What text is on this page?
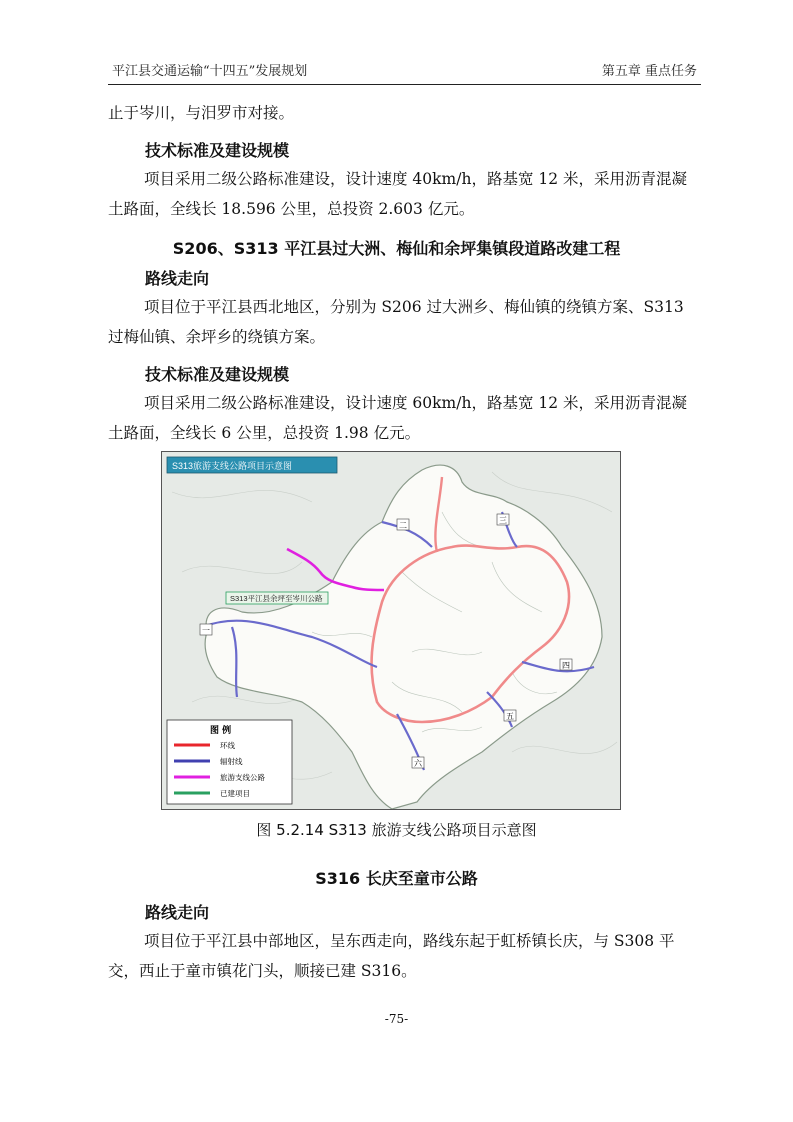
平江县交通运输“十四五”发展规划	第五章 重点任务

止于岑川，与汨罗市对接。

技术标准及建设规模

项目采用二级公路标准建设，设计速度 40km/h，路基宽 12 米，采用沥青混凝土路面，全线长 18.596 公里，总投资 2.603 亿元。

S206、S313 平江县过大洲、梅仙和余坪集镇段道路改建工程

路线走向

项目位于平江县西北地区，分别为 S206 过大洲乡、梅仙镇的绕镇方案、S313 过梅仙镇、余坪乡的绕镇方案。

技术标准及建设规模

项目采用二级公路标准建设，设计速度 60km/h，路基宽 12 米，采用沥青混凝土路面，全线长 6 公里，总投资 1.98 亿元。

S313旅游支线公路项目示意图
S313平江县余坪至岑川公路
一
二
三
四
五
六
图 例
环线
辐射线
旅游支线公路
已建项目
图 5.2.14 S313 旅游支线公路项目示意图

S316 长庆至童市公路

路线走向

项目位于平江县中部地区，呈东西走向，路线东起于虹桥镇长庆，与 S308 平交，西止于童市镇花门头，顺接已建 S316。

-75-
